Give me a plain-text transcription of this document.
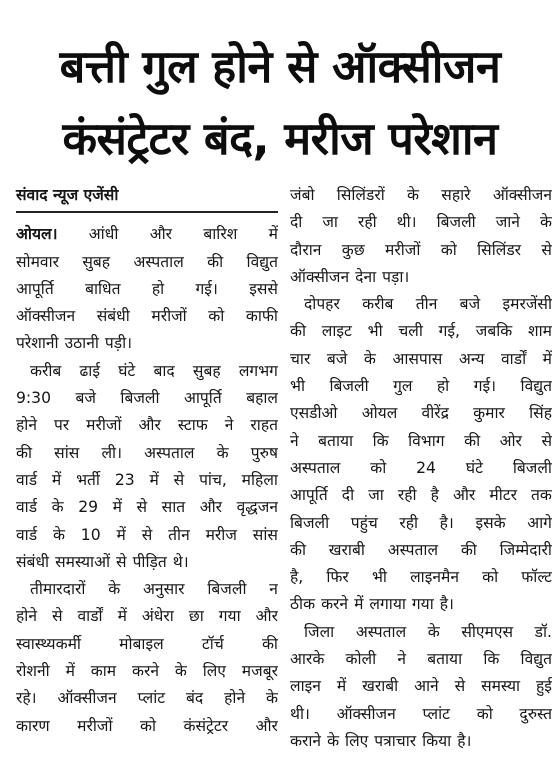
बत्ती गुल होने से ऑक्सीजन
कंसंट्रेटर बंद, मरीज परेशान
संवाद न्यूज एजेंसी
ओयल। आंधी और बारिश में
सोमवार सुबह अस्पताल की विद्युत
आपूर्ति बाधित हो गई। इससे
ऑक्सीजन संबंधी मरीजों को काफी
परेशानी उठानी पड़ी।
करीब ढाई घंटे बाद सुबह लगभग
9:30 बजे बिजली आपूर्ति बहाल
होने पर मरीजों और स्टाफ ने राहत
की सांस ली। अस्पताल के पुरुष
वार्ड में भर्ती 23 में से पांच, महिला
वार्ड के 29 में से सात और वृद्धजन
वार्ड के 10 में से तीन मरीज सांस
संबंधी समस्याओं से पीड़ित थे।
तीमारदारों के अनुसार बिजली न
होने से वार्डों में अंधेरा छा गया और
स्वास्थ्यकर्मी मोबाइल टॉर्च की
रोशनी में काम करने के लिए मजबूर
रहे। ऑक्सीजन प्लांट बंद होने के
कारण मरीजों को कंसंट्रेटर और
जंबो सिलिंडरों के सहारे ऑक्सीजन
दी जा रही थी। बिजली जाने के
दौरान कुछ मरीजों को सिलिंडर से
ऑक्सीजन देना पड़ा।
दोपहर करीब तीन बजे इमरजेंसी
की लाइट भी चली गई, जबकि शाम
चार बजे के आसपास अन्य वार्डों में
भी बिजली गुल हो गई। विद्युत
एसडीओ ओयल वीरेंद्र कुमार सिंह
ने बताया कि विभाग की ओर से
अस्पताल को 24 घंटे बिजली
आपूर्ति दी जा रही है और मीटर तक
बिजली पहुंच रही है। इसके आगे
की खराबी अस्पताल की जिम्मेदारी
है, फिर भी लाइनमैन को फॉल्ट
ठीक करने में लगाया गया है।
जिला अस्पताल के सीएमएस डॉ.
आरके कोली ने बताया कि विद्युत
लाइन में खराबी आने से समस्या हुई
थी। ऑक्सीजन प्लांट को दुरुस्त
कराने के लिए पत्राचार किया है।
